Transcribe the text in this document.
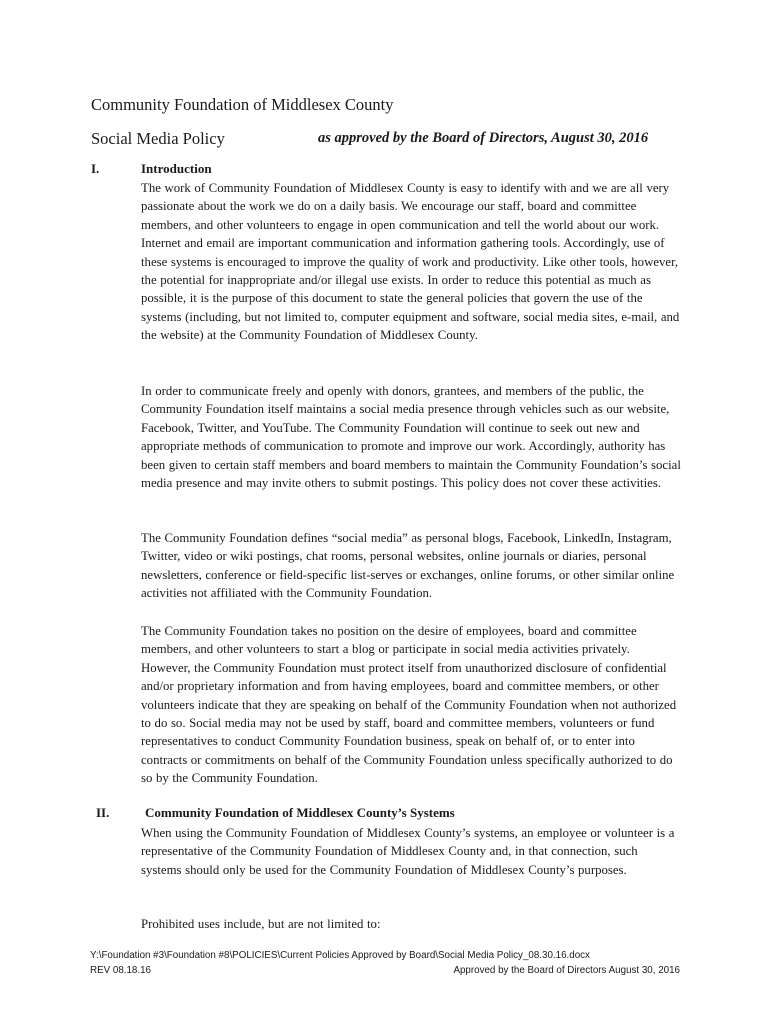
Community Foundation of Middlesex County
Social Media Policy	as approved by the Board of Directors, August 30, 2016
I.	Introduction

The work of Community Foundation of Middlesex County is easy to identify with and we are all very passionate about the work we do on a daily basis. We encourage our staff, board and committee members, and other volunteers to engage in open communication and tell the world about our work. Internet and email are important communication and information gathering tools. Accordingly, use of these systems is encouraged to improve the quality of work and productivity. Like other tools, however, the potential for inappropriate and/or illegal use exists. In order to reduce this potential as much as possible, it is the purpose of this document to state the general policies that govern the use of the systems (including, but not limited to, computer equipment and software, social media sites, e-mail, and the website) at the Community Foundation of Middlesex County.

In order to communicate freely and openly with donors, grantees, and members of the public, the Community Foundation itself maintains a social media presence through vehicles such as our website, Facebook, Twitter, and YouTube. The Community Foundation will continue to seek out new and appropriate methods of communication to promote and improve our work. Accordingly, authority has been given to certain staff members and board members to maintain the Community Foundation’s social media presence and may invite others to submit postings. This policy does not cover these activities.

The Community Foundation defines “social media” as personal blogs, Facebook, LinkedIn, Instagram, Twitter, video or wiki postings, chat rooms, personal websites, online journals or diaries, personal newsletters, conference or field-specific list-serves or exchanges, online forums, or other similar online activities not affiliated with the Community Foundation.

The Community Foundation takes no position on the desire of employees, board and committee members, and other volunteers to start a blog or participate in social media activities privately. However, the Community Foundation must protect itself from unauthorized disclosure of confidential and/or proprietary information and from having employees, board and committee members, or other volunteers indicate that they are speaking on behalf of the Community Foundation when not authorized to do so. Social media may not be used by staff, board and committee members, volunteers or fund representatives to conduct Community Foundation business, speak on behalf of, or to enter into contracts or commitments on behalf of the Community Foundation unless specifically authorized to do so by the Community Foundation.

II.	Community Foundation of Middlesex County’s Systems

When using the Community Foundation of Middlesex County’s systems, an employee or volunteer is a representative of the Community Foundation of Middlesex County and, in that connection, such systems should only be used for the Community Foundation of Middlesex County’s purposes.

Prohibited uses include, but are not limited to:

Y:\Foundation #3\Foundation #8\POLICIES\Current Policies Approved by Board\Social Media Policy_08.30.16.docx
REV 08.18.16	Approved by the Board of Directors August 30, 2016
